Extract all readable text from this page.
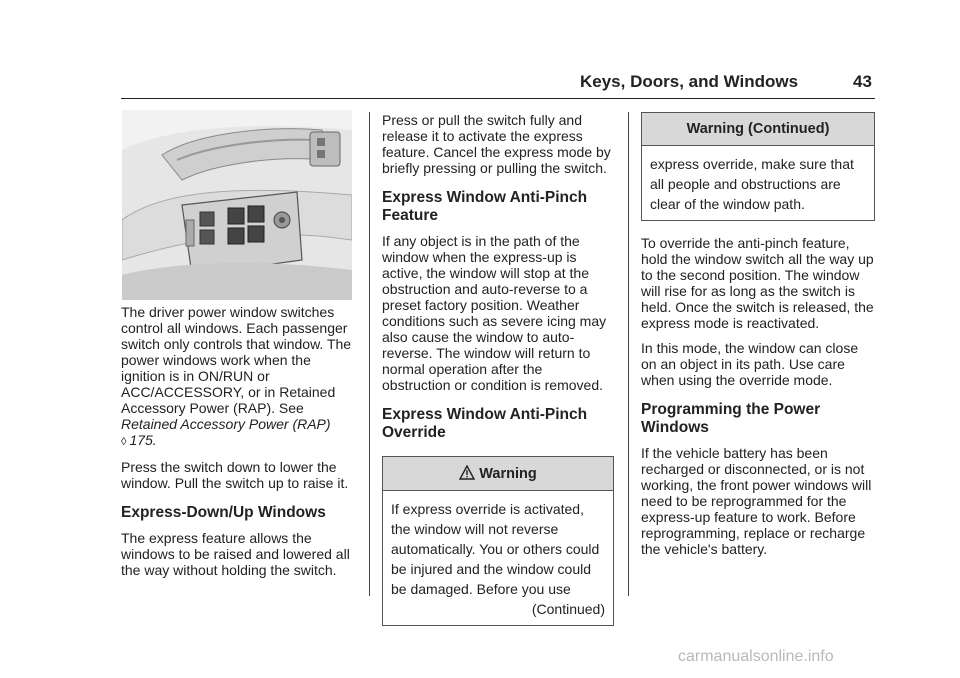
Keys, Doors, and Windows	43

The driver power window switches control all windows. Each passenger switch only controls that window. The power windows work when the ignition is in ON/RUN or ACC/ACCESSORY, or in Retained Accessory Power (RAP). See
Retained Accessory Power (RAP)
◊ 175.

Press the switch down to lower the window. Pull the switch up to raise it.

Express-Down/Up Windows

The express feature allows the windows to be raised and lowered all the way without holding the switch.

Press or pull the switch fully and release it to activate the express feature. Cancel the express mode by briefly pressing or pulling the switch.

Express Window Anti-Pinch Feature

If any object is in the path of the window when the express-up is active, the window will stop at the obstruction and auto-reverse to a preset factory position. Weather conditions such as severe icing may also cause the window to auto-reverse. The window will return to normal operation after the obstruction or condition is removed.

Express Window Anti-Pinch Override
Warning
If express override is activated, the window will not reverse automatically. You or others could be injured and the window could be damaged. Before you use
(Continued)
Warning (Continued)
express override, make sure that all people and obstructions are clear of the window path.

To override the anti-pinch feature, hold the window switch all the way up to the second position. The window will rise for as long as the switch is held. Once the switch is released, the express mode is reactivated.

In this mode, the window can close on an object in its path. Use care when using the override mode.

Programming the Power Windows

If the vehicle battery has been recharged or disconnected, or is not working, the front power windows will need to be reprogrammed for the express-up feature to work. Before reprogramming, replace or recharge the vehicle's battery.

carmanualsonline.info
